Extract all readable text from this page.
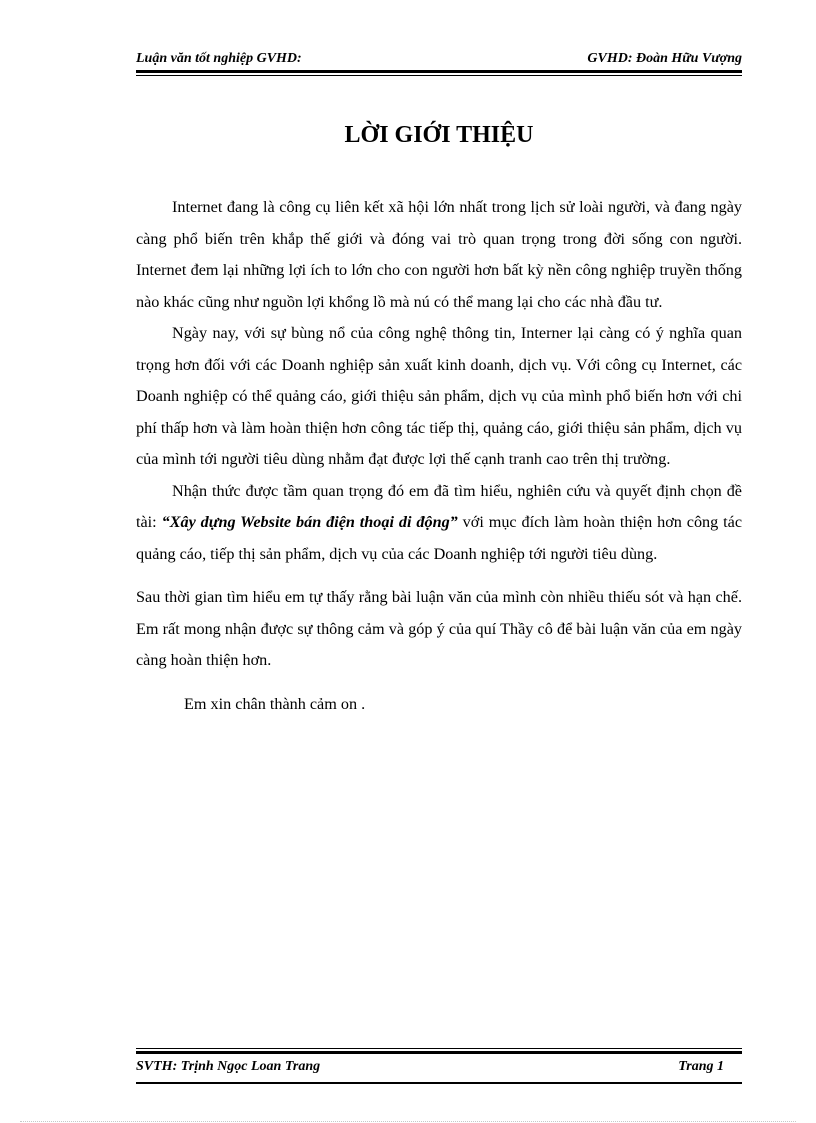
Luận văn tốt nghiệp GVHD:	GVHD: Đoàn Hữu Vượng
LỜI GIỚI THIỆU

Internet đang là công cụ liên kết xã hội lớn nhất trong lịch sử loài người, và đang ngày càng phổ biến trên khắp thế giới và đóng vai trò quan trọng trong đời sống con người. Internet đem lại những lợi ích to lớn cho con người hơn bất kỳ nền công nghiệp truyền thống nào khác cũng như nguồn lợi khổng lồ mà nú có thể mang lại cho các nhà đầu tư.

Ngày nay, với sự bùng nổ của công nghệ thông tin, Interner lại càng có ý nghĩa quan trọng hơn đối với các Doanh nghiệp sản xuất kinh doanh, dịch vụ. Với công cụ Internet, các Doanh nghiệp có thể quảng cáo, giới thiệu sản phẩm, dịch vụ của mình phổ biến hơn với chi phí thấp hơn và làm hoàn thiện hơn công tác tiếp thị, quảng cáo, giới thiệu sản phẩm, dịch vụ của mình tới người tiêu dùng nhằm đạt được lợi thế cạnh tranh cao trên thị trường.

Nhận thức được tầm quan trọng đó em đã tìm hiểu, nghiên cứu và quyết định chọn đề tài: “Xây dựng Website bán điện thoại di động” với mục đích làm hoàn thiện hơn công tác quảng cáo, tiếp thị sản phẩm, dịch vụ của các Doanh nghiệp tới người tiêu dùng.

Sau thời gian tìm hiểu em tự thấy rằng bài luận văn của mình còn nhiều thiếu sót và hạn chế. Em rất mong nhận được sự thông cảm và góp ý của quí Thầy cô để bài luận văn của em ngày càng hoàn thiện hơn.

Em xin chân thành cảm on .

SVTH: Trịnh Ngọc Loan Trang	Trang 1
